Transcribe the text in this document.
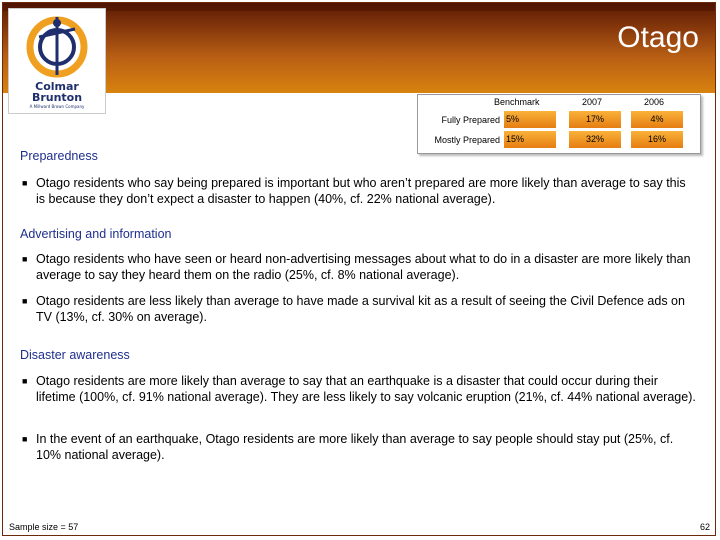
Otago
Colmar
Brunton
A Millward Brown Company	Benchmark	2007	2006
Fully Prepared 5%	17%	4%
Mostly Prepared 15%	32%	16%
Preparedness
■ Otago residents who say being prepared is important but who aren’t prepared are more likely than average to say this is because they don’t expect a disaster to happen (40%, cf. 22% national average).
Advertising and information
■ Otago residents who have seen or heard non-advertising messages about what to do in a disaster are more likely than average to say they heard them on the radio (25%, cf. 8% national average).
■ Otago residents are less likely than average to have made a survival kit as a result of seeing the Civil Defence ads on TV (13%, cf. 30% on average).
Disaster awareness
■ Otago residents are more likely than average to say that an earthquake is a disaster that could occur during their lifetime (100%, cf. 91% national average). They are less likely to say volcanic eruption (21%, cf. 44% national average).
■ In the event of an earthquake, Otago residents are more likely than average to say people should stay put (25%, cf. 10% national average).
Sample size = 57	62
